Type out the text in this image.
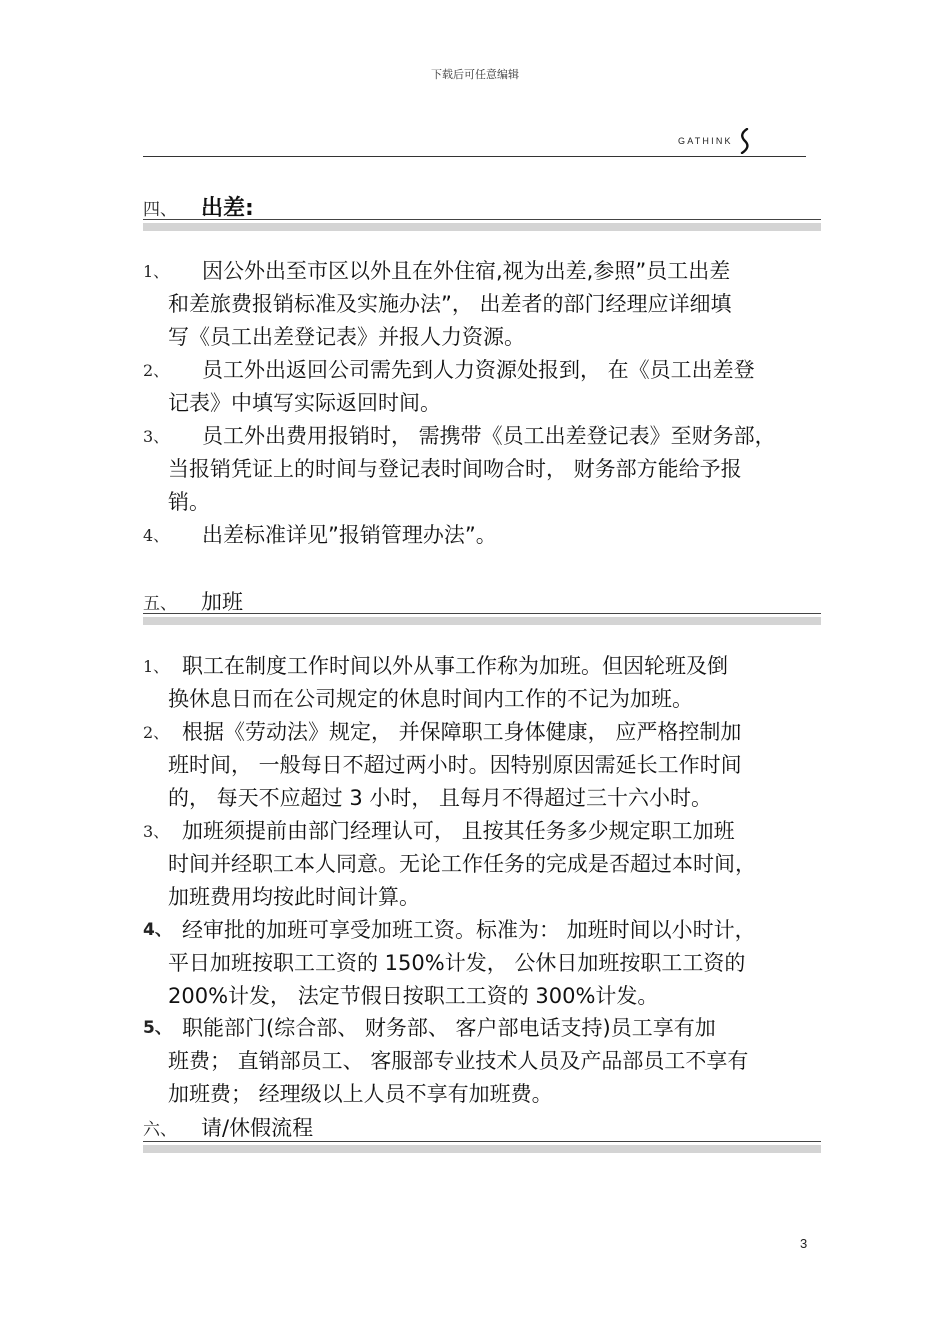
下载后可任意编辑
GATHINK
四、	出差:
1、	因公外出至市区以外且在外住宿,视为出差,参照”员工出差
和差旅费报销标准及实施办法”， 出差者的部门经理应详细填
写《员工出差登记表》并报人力资源。
2、	员工外出返回公司需先到人力资源处报到， 在《员工出差登
记表》中填写实际返回时间。
3、	员工外出费用报销时， 需携带《员工出差登记表》至财务部，
当报销凭证上的时间与登记表时间吻合时， 财务部方能给予报
销。
4、	出差标准详见”报销管理办法”。
五、	加班
1、 职工在制度工作时间以外从事工作称为加班。但因轮班及倒
换休息日而在公司规定的休息时间内工作的不记为加班。
2、 根据《劳动法》规定， 并保障职工身体健康， 应严格控制加
班时间， 一般每日不超过两小时。因特别原因需延长工作时间
的， 每天不应超过 3 小时， 且每月不得超过三十六小时。
3、 加班须提前由部门经理认可， 且按其任务多少规定职工加班
时间并经职工本人同意。无论工作任务的完成是否超过本时间，
加班费用均按此时间计算。
4、 经审批的加班可享受加班工资。标准为： 加班时间以小时计，
平日加班按职工工资的 150%计发， 公休日加班按职工工资的
200%计发， 法定节假日按职工工资的 300%计发。
5、 职能部门(综合部、 财务部、 客户部电话支持)员工享有加
班费； 直销部员工、 客服部专业技术人员及产品部员工不享有
加班费； 经理级以上人员不享有加班费。
六、	请/休假流程
3
